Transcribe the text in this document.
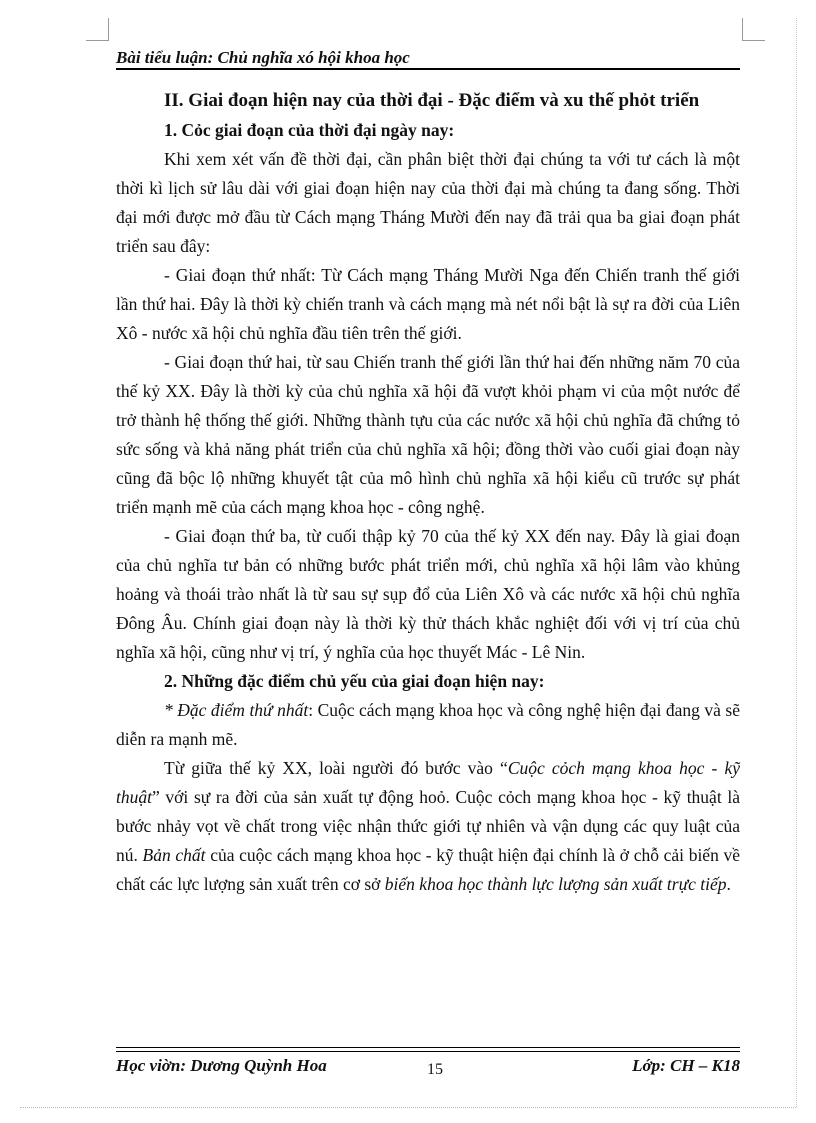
Bài tiểu luận: Chủ nghĩa xó hội khoa học
II. Giai đoạn hiện nay của thời đại - Đặc điểm và xu thế phỏt triển
1. Cỏc giai đoạn của thời đại ngày nay:

Khi xem xét vấn đề thời đại, cần phân biệt thời đại chúng ta với tư cách là một thời kì lịch sử lâu dài với giai đoạn hiện nay của thời đại mà chúng ta đang sống. Thời đại mới được mở đầu từ Cách mạng Tháng Mười đến nay đã trải qua ba giai đoạn phát triển sau đây:

- Giai đoạn thứ nhất: Từ Cách mạng Tháng Mười Nga đến Chiến tranh thế giới lần thứ hai. Đây là thời kỳ chiến tranh và cách mạng mà nét nổi bật là sự ra đời của Liên Xô - nước xã hội chủ nghĩa đầu tiên trên thế giới.

- Giai đoạn thứ hai, từ sau Chiến tranh thế giới lần thứ hai đến những năm 70 của thế kỷ XX. Đây là thời kỳ của chủ nghĩa xã hội đã vượt khỏi phạm vi của một nước để trở thành hệ thống thế giới. Những thành tựu của các nước xã hội chủ nghĩa đã chứng tỏ sức sống và khả năng phát triển của chủ nghĩa xã hội; đồng thời vào cuối giai đoạn này cũng đã bộc lộ những khuyết tật của mô hình chủ nghĩa xã hội kiểu cũ trước sự phát triển mạnh mẽ của cách mạng khoa học - công nghệ.

- Giai đoạn thứ ba, từ cuối thập kỷ 70 của thế kỷ XX đến nay. Đây là giai đoạn của chủ nghĩa tư bản có những bước phát triển mới, chủ nghĩa xã hội lâm vào khủng hoảng và thoái trào nhất là từ sau sự sụp đổ của Liên Xô và các nước xã hội chủ nghĩa Đông Âu. Chính giai đoạn này là thời kỳ thử thách khắc nghiệt đối với vị trí của chủ nghĩa xã hội, cũng như vị trí, ý nghĩa của học thuyết Mác - Lê Nin.

2. Những đặc điểm chủ yếu của giai đoạn hiện nay:

* Đặc điểm thứ nhất: Cuộc cách mạng khoa học và công nghệ hiện đại đang và sẽ diễn ra mạnh mẽ.

Từ giữa thế kỷ XX, loài người đó bước vào “Cuộc cỏch mạng khoa học - kỹ thuật” với sự ra đời của sản xuất tự động hoỏ. Cuộc cỏch mạng khoa học - kỹ thuật là bước nhảy vọt về chất trong việc nhận thức giới tự nhiên và vận dụng các quy luật của nú. Bản chất của cuộc cách mạng khoa học - kỹ thuật hiện đại chính là ở chỗ cải biến về chất các lực lượng sản xuất trên cơ sở biến khoa học thành lực lượng sản xuất trực tiếp.

Học viờn: Dương Quỳnh Hoa	15	Lớp: CH – K18
